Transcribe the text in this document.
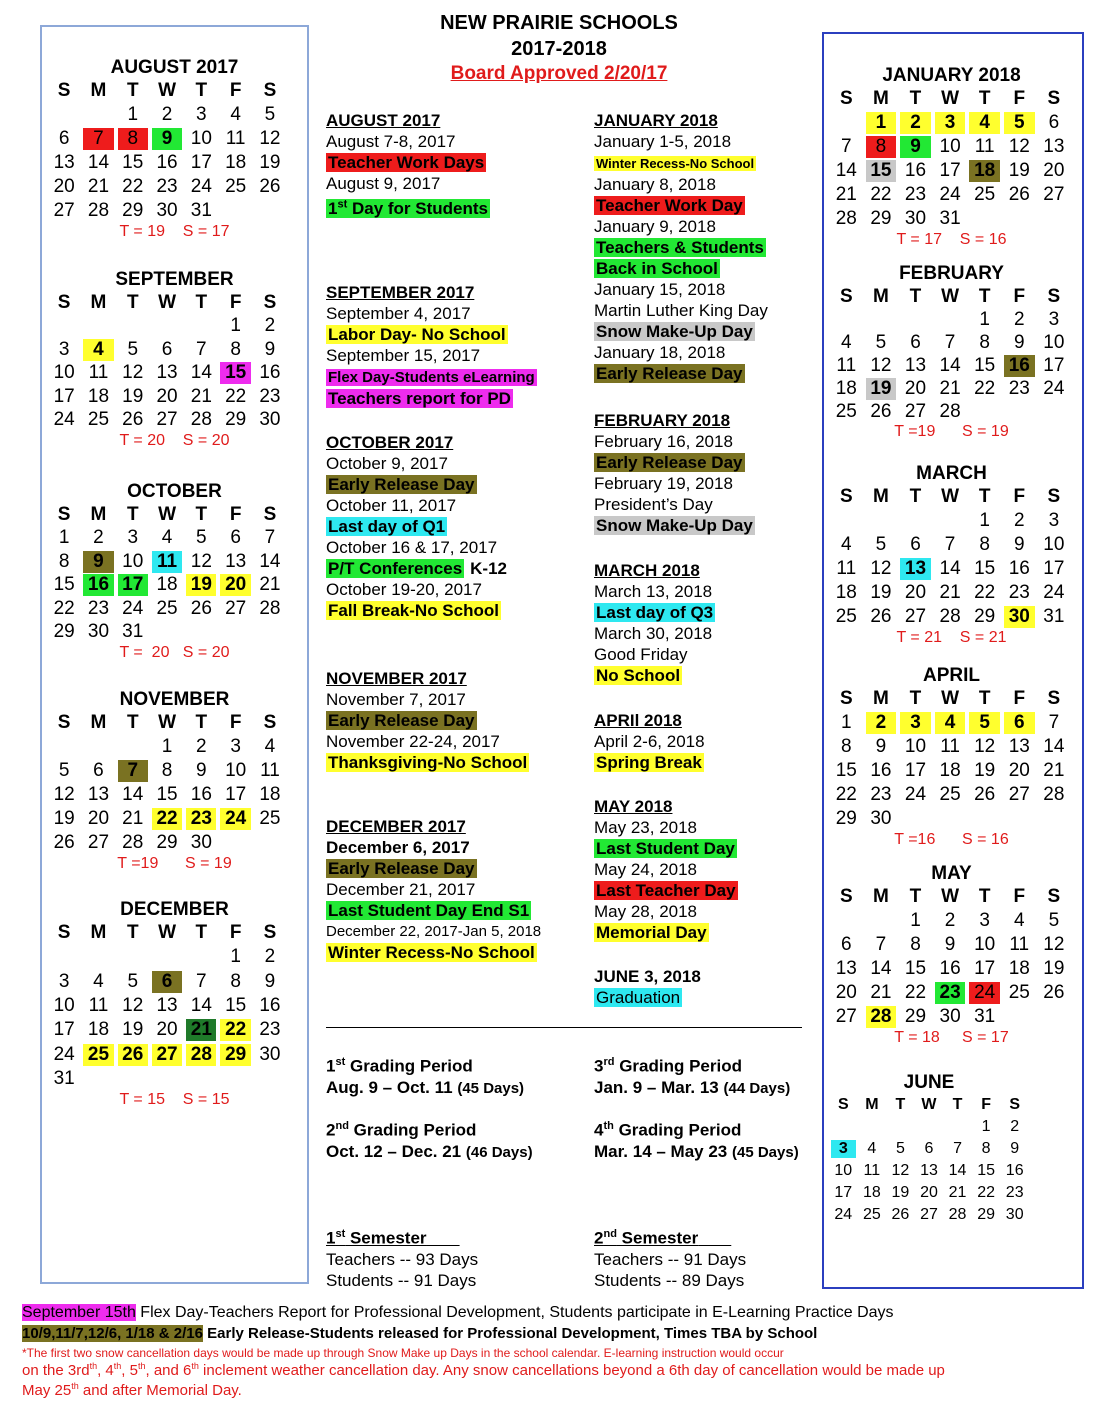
NEW PRAIRIE SCHOOLS
2017-2018
Board Approved 2/20/17
AUGUST 2017
S	M	T	W	T	F	S
		1	2	3	4	5
6	7	8	9	10	11	12
13	14	15	16	17	18	19
20	21	22	23	24	25	26
27	28	29	30	31		
T = 19    S = 17
SEPTEMBER
S	M	T	W	T	F	S
					1	2
3	4	5	6	7	8	9
10	11	12	13	14	15	16
17	18	19	20	21	22	23
24	25	26	27	28	29	30
T = 20    S = 20
OCTOBER
S	M	T	W	T	F	S
1	2	3	4	5	6	7
8	9	10	11	12	13	14
15	16	17	18	19	20	21
22	23	24	25	26	27	28
29	30	31				
T =  20   S = 20
NOVEMBER
S	M	T	W	T	F	S
			1	2	3	4
5	6	7	8	9	10	11
12	13	14	15	16	17	18
19	20	21	22	23	24	25
26	27	28	29	30		
T =19      S = 19
DECEMBER
S	M	T	W	T	F	S
					1	2
3	4	5	6	7	8	9
10	11	12	13	14	15	16
17	18	19	20	21	22	23
24	25	26	27	28	29	30
31						
T = 15    S = 15
JANUARY 2018
S	M	T	W	T	F	S
	1	2	3	4	5	6
7	8	9	10	11	12	13
14	15	16	17	18	19	20
21	22	23	24	25	26	27
28	29	30	31			
T = 17    S = 16
FEBRUARY
S	M	T	W	T	F	S
				1	2	3
4	5	6	7	8	9	10
11	12	13	14	15	16	17
18	19	20	21	22	23	24
25	26	27	28			
T =19      S = 19
MARCH
S	M	T	W	T	F	S
				1	2	3
4	5	6	7	8	9	10
11	12	13	14	15	16	17
18	19	20	21	22	23	24
25	26	27	28	29	30	31
T = 21    S = 21
APRIL
S	M	T	W	T	F	S
1	2	3	4	5	6	7
8	9	10	11	12	13	14
15	16	17	18	19	20	21
22	23	24	25	26	27	28
29	30					
T =16      S = 16
MAY
S	M	T	W	T	F	S
		1	2	3	4	5
6	7	8	9	10	11	12
13	14	15	16	17	18	19
20	21	22	23	24	25	26
27	28	29	30	31		
T = 18     S = 17
JUNE
S	M	T	W	T	F	S
					1	2
3	4	5	6	7	8	9
10	11	12	13	14	15	16
17	18	19	20	21	22	23
24	25	26	27	28	29	30
AUGUST 2017
August 7-8, 2017
Teacher Work Days
August 9, 2017
1st Day for Students
SEPTEMBER 2017
September 4, 2017
Labor Day- No School
September 15, 2017
Flex Day-Students eLearning
Teachers report for PD
OCTOBER 2017
October 9, 2017
Early Release Day
October 11, 2017
Last day of Q1
October 16 & 17, 2017
P/T Conferences K-12
October 19-20, 2017
Fall Break-No School
NOVEMBER 2017
November 7, 2017
Early Release Day
November 22-24, 2017
Thanksgiving-No School
DECEMBER 2017
December 6, 2017
Early Release Day
December 21, 2017
Last Student Day End S1
December 22, 2017-Jan 5, 2018
Winter Recess-No School
JANUARY 2018
January 1-5, 2018
Winter Recess-No School
January 8, 2018
Teacher Work Day
January 9, 2018
Teachers & Students
Back in School
January 15, 2018
Martin Luther King Day
Snow Make-Up Day
January 18, 2018
Early Release Day
FEBRUARY 2018
February 16, 2018
Early Release Day
February 19, 2018
President’s Day
Snow Make-Up Day
MARCH 2018
March 13, 2018
Last day of Q3
March 30, 2018
Good Friday
No School
APRIl 2018
April 2-6, 2018
Spring Break
MAY 2018
May 23, 2018
Last Student Day
May 24, 2018
Last Teacher Day
May 28, 2018
Memorial Day
JUNE 3, 2018
Graduation
1st Grading Period
Aug. 9 – Oct. 11 (45 Days)
2nd Grading Period
Oct. 12 – Dec. 21 (46 Days)
3rd Grading Period
Jan. 9 – Mar. 13 (44 Days)
4th Grading Period
Mar. 14 – May 23 (45 Days)
1st Semester
Teachers -- 93 Days
Students -- 91 Days
2nd Semester
Teachers -- 91 Days
Students -- 89 Days
September 15th Flex Day-Teachers Report for Professional Development, Students participate in E-Learning Practice Days
10/9,11/7,12/6, 1/18 & 2/16 Early Release-Students released for Professional Development, Times TBA by School
*The first two snow cancellation days would be made up through Snow Make up Days in the school calendar. E-learning instruction would occur
on the $3rd^{th}$, 4th, 5th, and 6th inclement weather cancellation day. Any snow cancellations beyond a 6th day of cancellation would be made up
May 25th and after Memorial Day.
